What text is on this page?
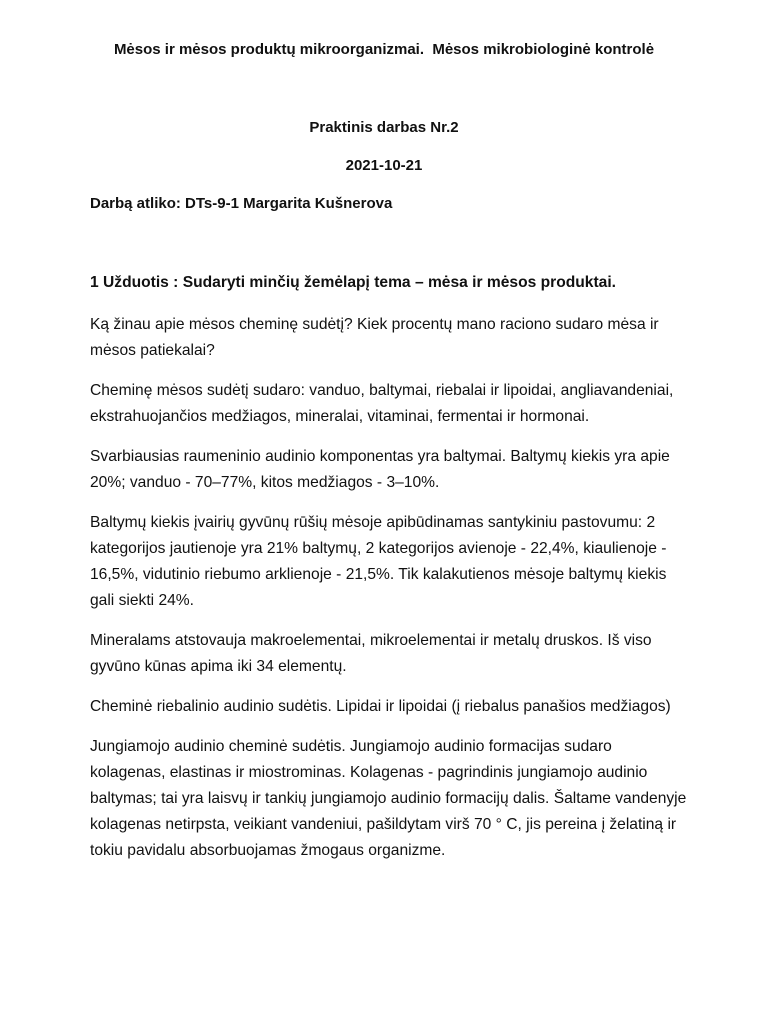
Mėsos ir mėsos produktų mikroorganizmai.  Mėsos mikrobiologinė kontrolė
Praktinis darbas Nr.2
2021-10-21
Darbą atliko: DTs-9-1 Margarita Kušnerova
1 Užduotis : Sudaryti minčių žemėlapį tema – mėsa ir mėsos produktai.

Ką žinau apie mėsos cheminę sudėtį? Kiek procentų mano raciono sudaro mėsa ir mėsos patiekalai?

Cheminę mėsos sudėtį sudaro: vanduo, baltymai, riebalai ir lipoidai, angliavandeniai, ekstrahuojančios medžiagos, mineralai, vitaminai, fermentai ir hormonai.

Svarbiausias raumeninio audinio komponentas yra baltymai. Baltymų kiekis yra apie 20%; vanduo - 70–77%, kitos medžiagos - 3–10%.

Baltymų kiekis įvairių gyvūnų rūšių mėsoje apibūdinamas santykiniu pastovumu: 2 kategorijos jautienoje yra 21% baltymų, 2 kategorijos avienoje - 22,4%, kiaulienoje - 16,5%, vidutinio riebumo arklienoje - 21,5%. Tik kalakutienos mėsoje baltymų kiekis gali siekti 24%.

Mineralams atstovauja makroelementai, mikroelementai ir metalų druskos. Iš viso gyvūno kūnas apima iki 34 elementų.

Cheminė riebalinio audinio sudėtis. Lipidai ir lipoidai (į riebalus panašios medžiagos)

Jungiamojo audinio cheminė sudėtis. Jungiamojo audinio formacijas sudaro kolagenas, elastinas ir miostrominas. Kolagenas - pagrindinis jungiamojo audinio baltymas; tai yra laisvų ir tankių jungiamojo audinio formacijų dalis. Šaltame vandenyje kolagenas netirpsta, veikiant vandeniui, pašildytam virš 70 ° C, jis pereina į želatiną ir tokiu pavidalu absorbuojamas žmogaus organizme.
